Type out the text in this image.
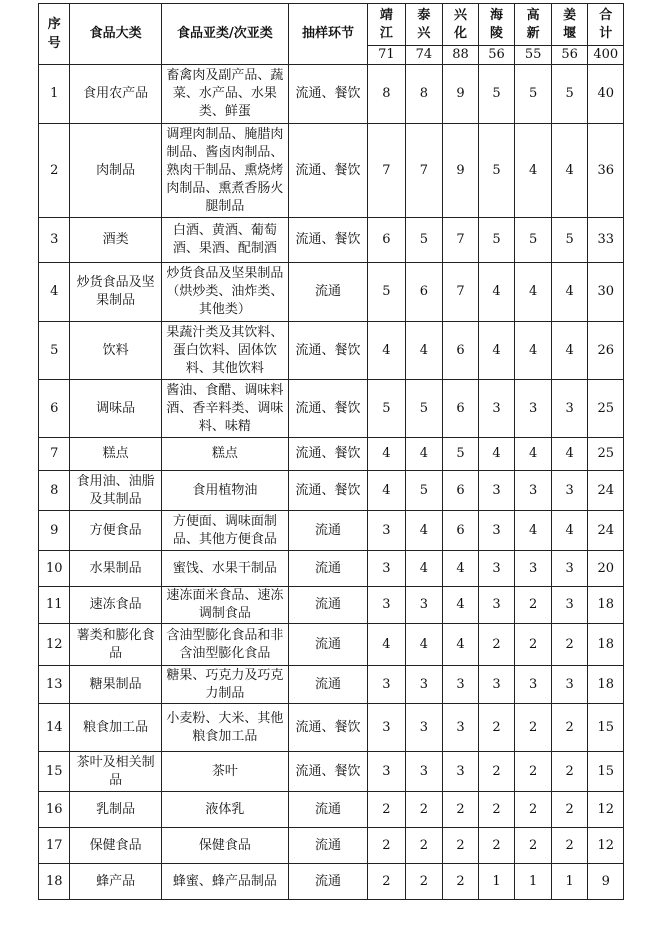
序号	食品大类	食品亚类/次亚类	抽样环节	靖江	泰兴	兴化	海陵	高新	姜堰	合计
				71	74	88	56	55	56	400
1	食用农产品	畜禽肉及副产品、蔬菜、水产品、水果类、鲜蛋	流通、餐饮	8	8	9	5	5	5	40
2	肉制品	调理肉制品、腌腊肉制品、酱卤肉制品、熟肉干制品、熏烧烤肉制品、熏煮香肠火腿制品	流通、餐饮	7	7	9	5	4	4	36
3	酒类	白酒、黄酒、葡萄酒、果酒、配制酒	流通、餐饮	6	5	7	5	5	5	33
4	炒货食品及坚果制品	炒货食品及坚果制品（烘炒类、油炸类、其他类）	流通	5	6	7	4	4	4	30
5	饮料	果蔬汁类及其饮料、蛋白饮料、固体饮料、其他饮料	流通、餐饮	4	4	6	4	4	4	26
6	调味品	酱油、食醋、调味料酒、香辛料类、调味料、味精	流通、餐饮	5	5	6	3	3	3	25
7	糕点	糕点	流通、餐饮	4	4	5	4	4	4	25
8	食用油、油脂及其制品	食用植物油	流通、餐饮	4	5	6	3	3	3	24
9	方便食品	方便面、调味面制品、其他方便食品	流通	3	4	6	3	4	4	24
10	水果制品	蜜饯、水果干制品	流通	3	4	4	3	3	3	20
11	速冻食品	速冻面米食品、速冻调制食品	流通	3	3	4	3	2	3	18
12	薯类和膨化食品	含油型膨化食品和非含油型膨化食品	流通	4	4	4	2	2	2	18
13	糖果制品	糖果、巧克力及巧克力制品	流通	3	3	3	3	3	3	18
14	粮食加工品	小麦粉、大米、其他粮食加工品	流通、餐饮	3	3	3	2	2	2	15
15	茶叶及相关制品	茶叶	流通、餐饮	3	3	3	2	2	2	15
16	乳制品	液体乳	流通	2	2	2	2	2	2	12
17	保健食品	保健食品	流通	2	2	2	2	2	2	12
18	蜂产品	蜂蜜、蜂产品制品	流通	2	2	2	1	1	1	9
